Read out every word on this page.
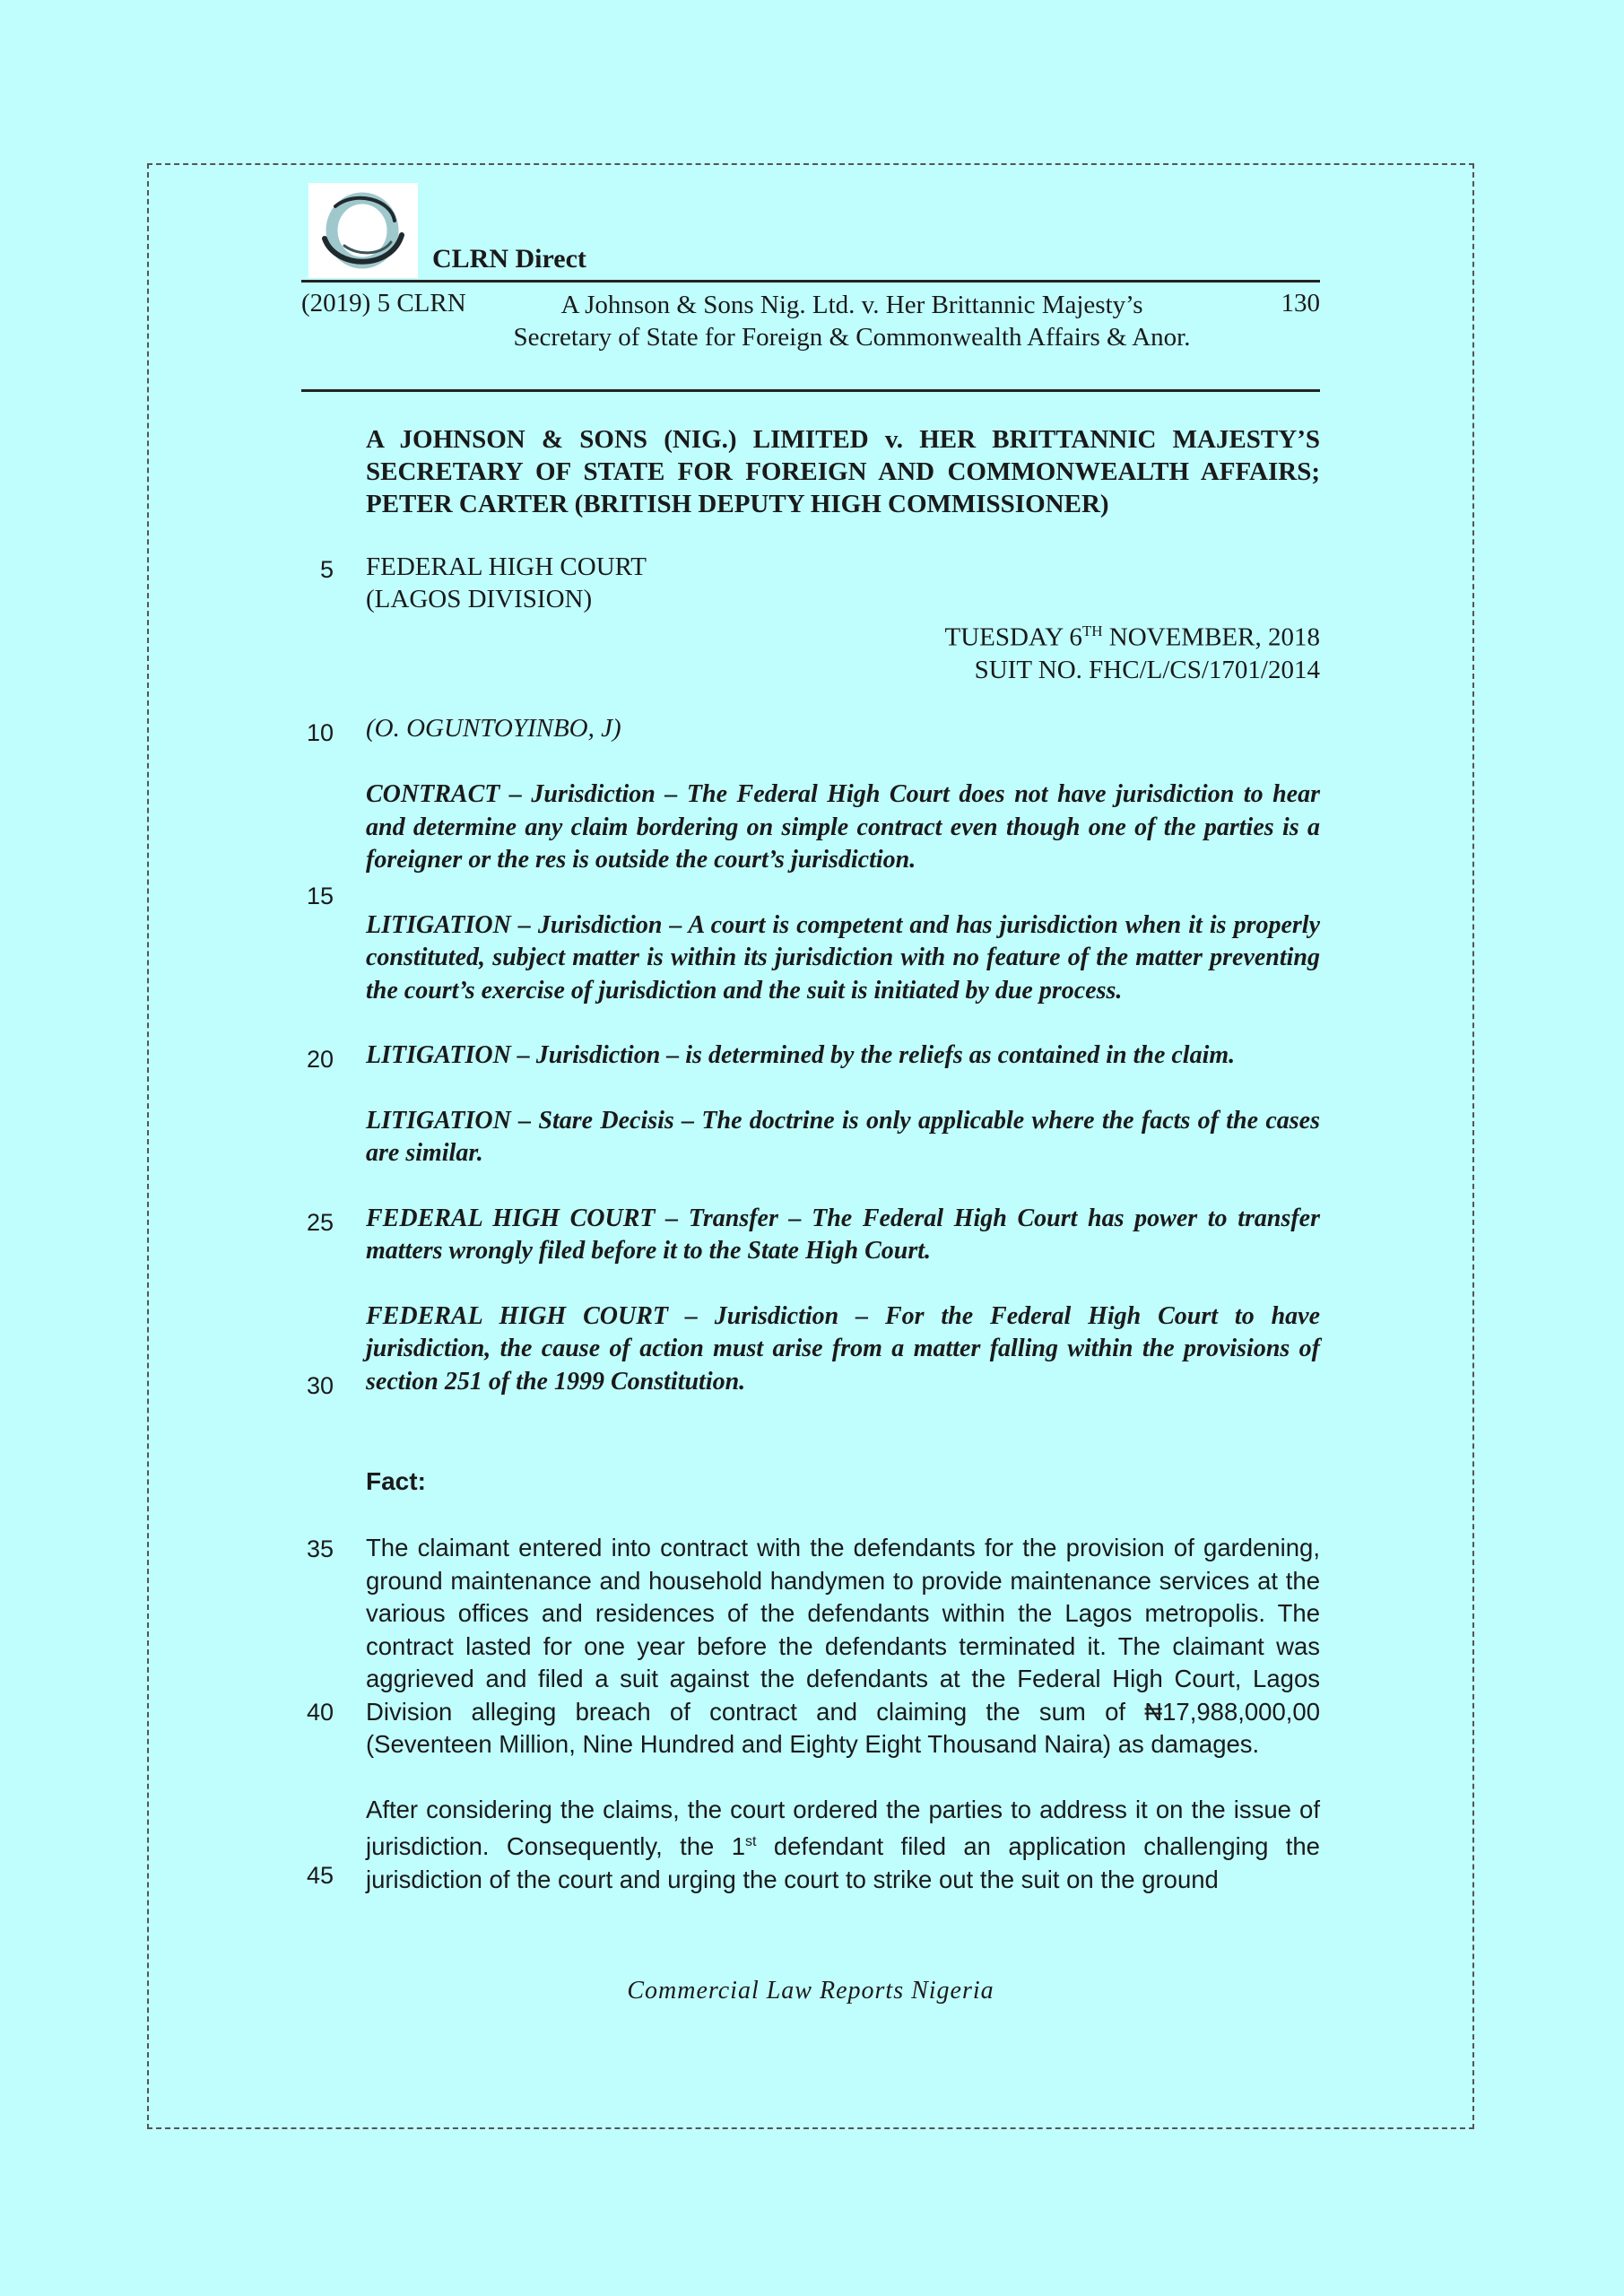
CLRN Direct
(2019) 5 CLRN	A Johnson & Sons Nig. Ltd. v. Her Brittannic Majesty’s
Secretary of State for Foreign & Commonwealth Affairs & Anor.
130
A JOHNSON & SONS (NIG.) LIMITED v. HER BRITTANNIC MAJESTY’S SECRETARY OF STATE FOR FOREIGN AND COMMONWEALTH AFFAIRS; PETER CARTER (BRITISH DEPUTY HIGH COMMISSIONER)
FEDERAL HIGH COURT
(LAGOS DIVISION)
TUESDAY 6TH NOVEMBER, 2018
SUIT NO. FHC/L/CS/1701/2014
(O. OGUNTOYINBO, J)

CONTRACT – Jurisdiction – The Federal High Court does not have jurisdiction to hear and determine any claim bordering on simple contract even though one of the parties is a foreigner or the res is outside the court’s jurisdiction.

LITIGATION – Jurisdiction – A court is competent and has jurisdiction when it is properly constituted, subject matter is within its jurisdiction with no feature of the matter preventing the court’s exercise of jurisdiction and the suit is initiated by due process.

LITIGATION – Jurisdiction – is determined by the reliefs as contained in the claim.

LITIGATION – Stare Decisis – The doctrine is only applicable where the facts of the cases are similar.

FEDERAL HIGH COURT – Transfer – The Federal High Court has power to transfer matters wrongly filed before it to the State High Court.

FEDERAL HIGH COURT – Jurisdiction – For the Federal High Court to have jurisdiction, the cause of action must arise from a matter falling within the provisions of section 251 of the 1999 Constitution.

Fact:

The claimant entered into contract with the defendants for the provision of gardening, ground maintenance and household handymen to provide maintenance services at the various offices and residences of the defendants within the Lagos metropolis. The contract lasted for one year before the defendants terminated it. The claimant was aggrieved and filed a suit against the defendants at the Federal High Court, Lagos Division alleging breach of contract and claiming the sum of ₦17,988,000,00 (Seventeen Million, Nine Hundred and Eighty Eight Thousand Naira) as damages.

After considering the claims, the court ordered the parties to address it on the issue of jurisdiction. Consequently, the 1st defendant filed an application challenging the jurisdiction of the court and urging the court to strike out the suit on the ground

5
10
15
20
25
30
35
40
45
Commercial Law Reports Nigeria
